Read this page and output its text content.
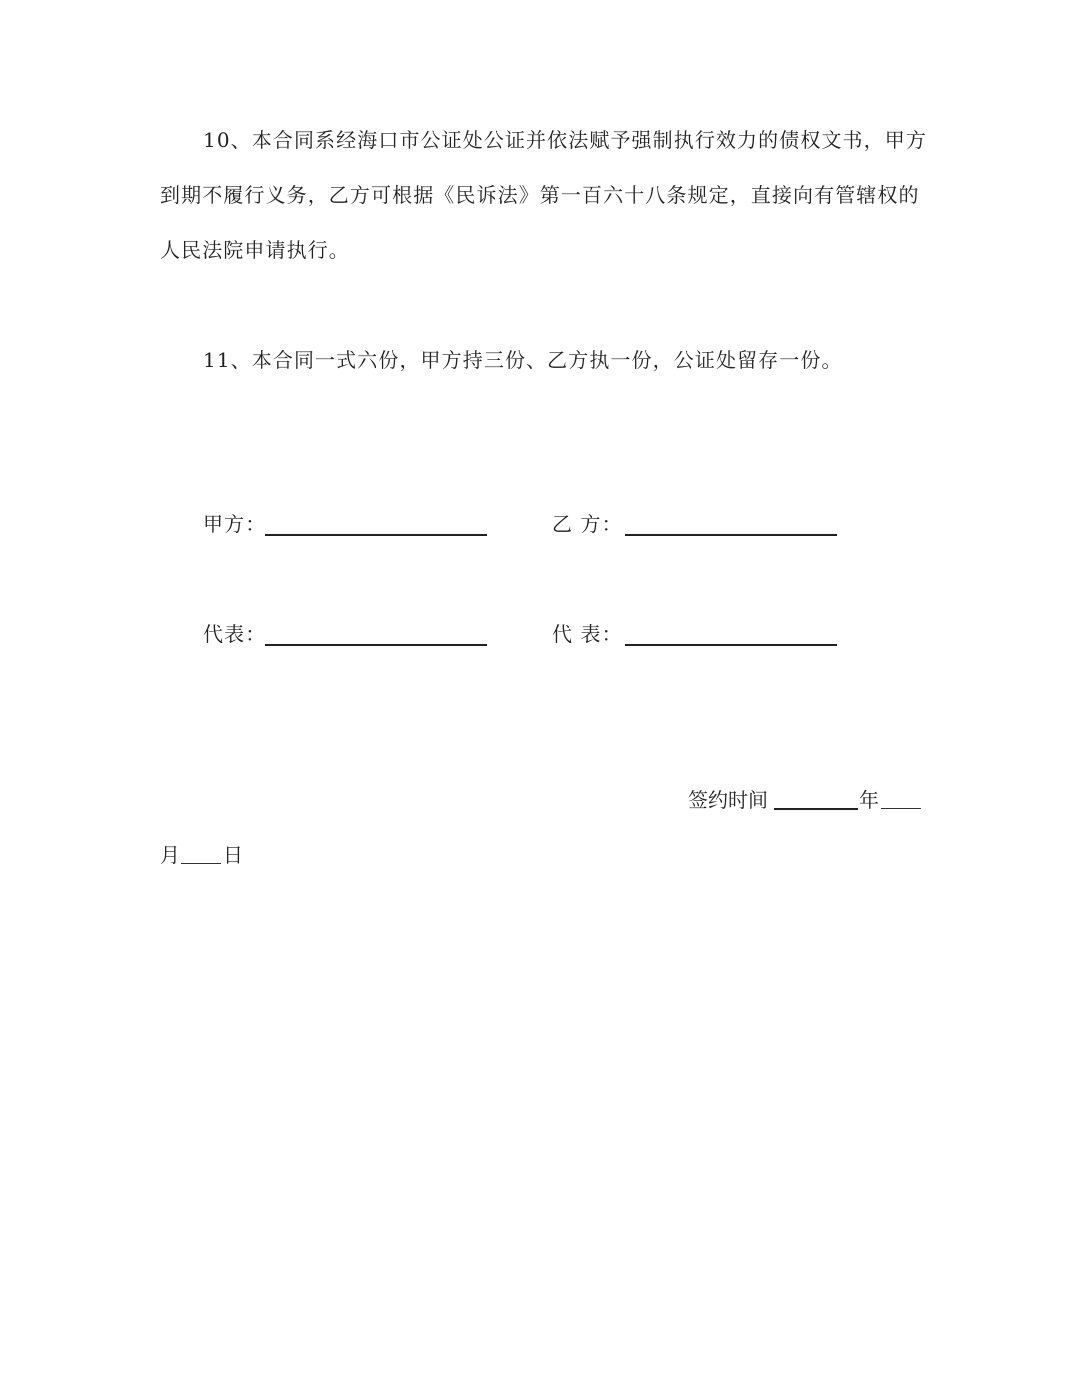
10、本合同系经海口市公证处公证并依法赋予强制执行效力的债权文书，甲方
到期不履行义务，乙方可根据《民诉法》第一百六十八条规定，直接向有管辖权的
人民法院申请执行。
11、本合同一式六份，甲方持三份、乙方执一份，公证处留存一份。
甲方：	乙 方：
代表：	代 表：
签约时间	年
月 日
